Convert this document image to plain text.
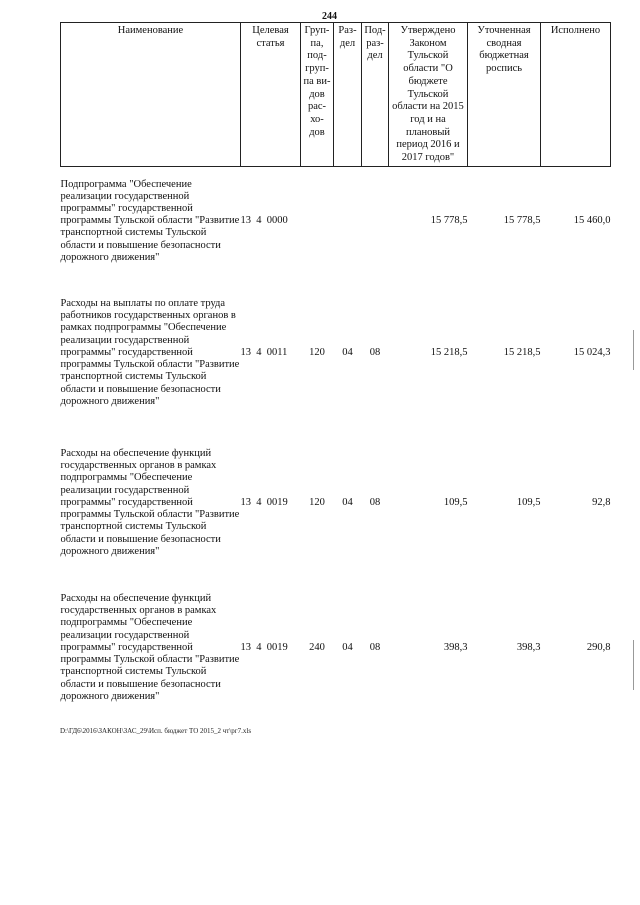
244
Наименование	Целевая статья	Груп- па, под- груп- па ви- дов рас- хо- дов	Раз- дел	Под- раз- дел	Утверждено Законом Тульской области "О бюджете Тульской области на 2015 год и на плановый период 2016 и 2017 годов"	Уточненная сводная бюджетная роспись	Исполнено
Подпрограмма "Обеспечение реализации государственной программы" государственной программы Тульской области "Развитие транспортной системы Тульской области и повышение безопасности дорожного движения"	13  4  0000				15 778,5	15 778,5	15 460,0
Расходы на выплаты по оплате труда работников государственных органов в рамках подпрограммы "Обеспечение реализации государственной программы" государственной программы Тульской области "Развитие транспортной системы Тульской области и повышение безопасности дорожного движения"	13  4  0011	120	04	08	15 218,5	15 218,5	15 024,3
Расходы на обеспечение функций государственных органов в рамках подпрограммы "Обеспечение реализации государственной программы" государственной программы Тульской области "Развитие транспортной системы Тульской области и повышение безопасности дорожного движения"	13  4  0019	120	04	08	109,5	109,5	92,8
Расходы на обеспечение функций государственных органов в рамках подпрограммы "Обеспечение реализации государственной программы" государственной программы Тульской области "Развитие транспортной системы Тульской области и повышение безопасности дорожного движения"	13  4  0019	240	04	08	398,3	398,3	290,8
D:\ГД6\2016\ЗАКОН\ЗАС_29\Исп. бюджет ТО 2015_2 чт\рг7.xls
